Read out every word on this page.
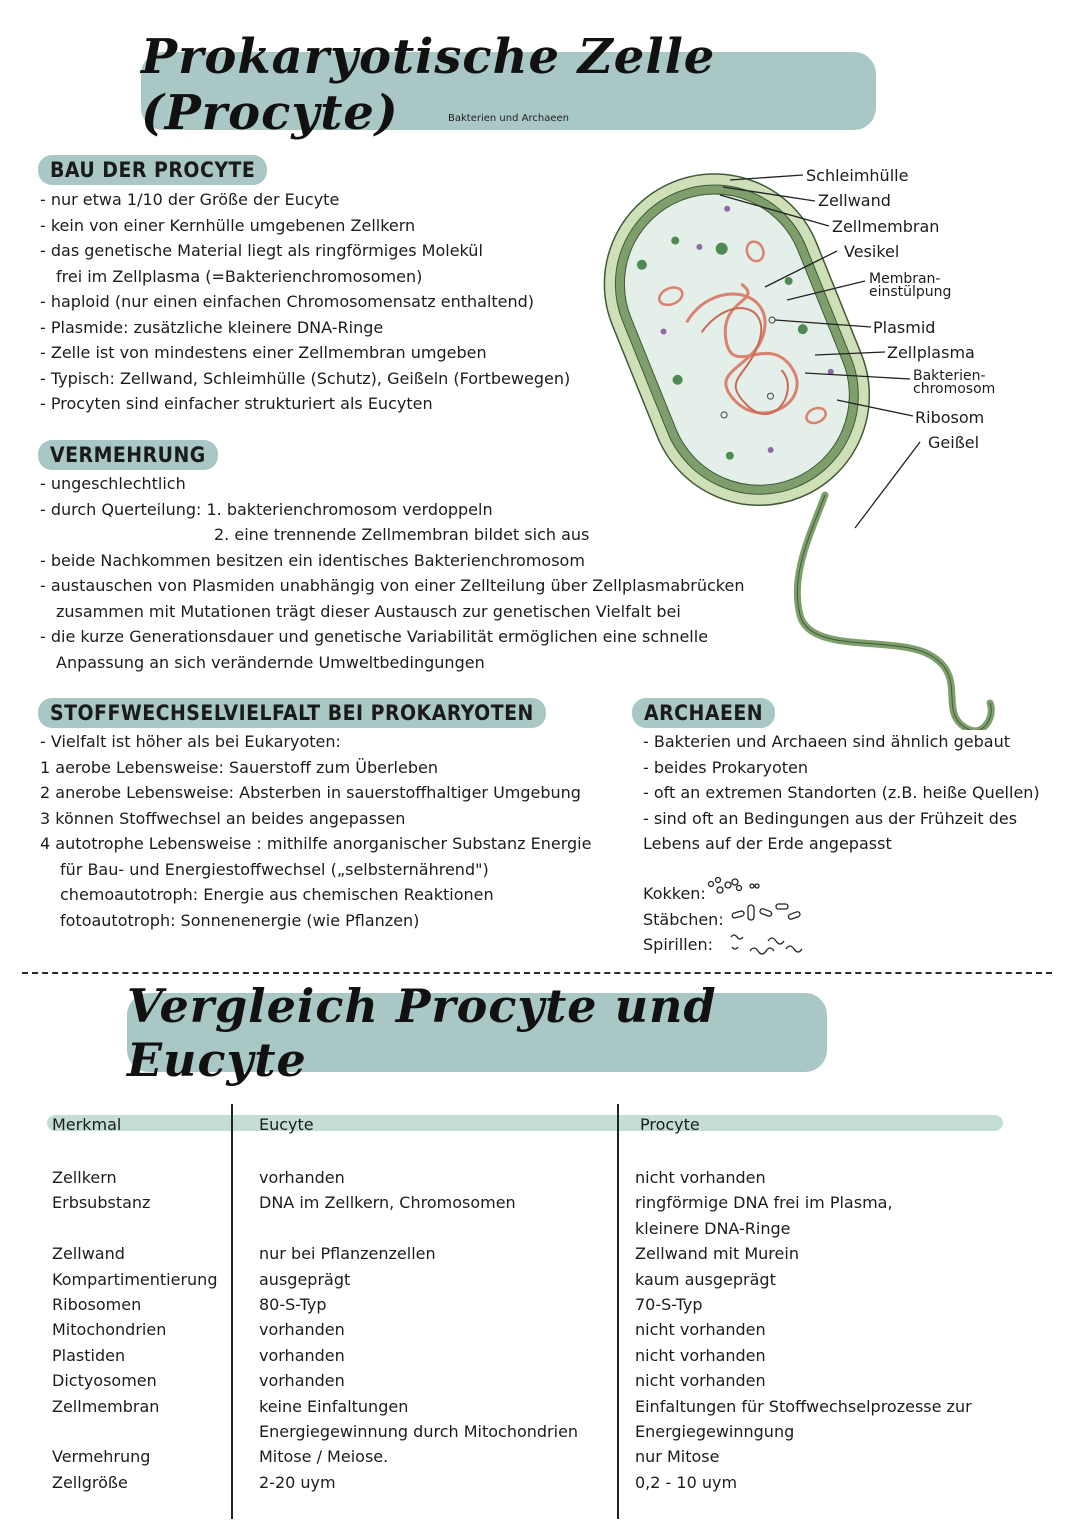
Prokaryotische Zelle (Procyte)	Bakterien und Archaeen
BAU DER PROCYTE
- nur etwa 1/10 der Größe der Eucyte
- kein von einer Kernhülle umgebenen Zellkern
- das genetische Material liegt als ringförmiges Molekül
frei im Zellplasma (=Bakterienchromosomen)
- haploid (nur einen einfachen Chromosomensatz enthaltend)
- Plasmide: zusätzliche kleinere DNA-Ringe
- Zelle ist von mindestens einer Zellmembran umgeben
- Typisch: Zellwand, Schleimhülle (Schutz), Geißeln (Fortbewegen)
- Procyten sind einfacher strukturiert als Eucyten
VERMEHRUNG
- ungeschlechtlich
- durch Querteilung: 1. bakterienchromosom verdoppeln
2. eine trennende Zellmembran bildet sich aus
- beide Nachkommen besitzen ein identisches Bakterienchromosom
- austauschen von Plasmiden unabhängig von einer Zellteilung über Zellplasmabrücken
zusammen mit Mutationen trägt dieser Austausch zur genetischen Vielfalt bei
- die kurze Generationsdauer und genetische Variabilität ermöglichen eine schnelle
Anpassung an sich verändernde Umweltbedingungen
Schleimhülle
Zellwand
Zellmembran
Vesikel
Membran-
einstülpung
Plasmid
Zellplasma
Bakterien-
chromosom
Ribosom
Geißel
STOFFWECHSELVIELFALT BEI PROKARYOTEN
- Vielfalt ist höher als bei Eukaryoten:
1 aerobe Lebensweise: Sauerstoff zum Überleben
2 anerobe Lebensweise: Absterben in sauerstoffhaltiger Umgebung
3 können Stoffwechsel an beides angepassen
4 autotrophe Lebensweise : mithilfe anorganischer Substanz Energie
für Bau- und Energiestoffwechsel („selbsternährend")
chemoautotroph: Energie aus chemischen Reaktionen
fotoautotroph: Sonnenenergie (wie Pflanzen)
ARCHAEEN
- Bakterien und Archaeen sind ähnlich gebaut
- beides Prokaryoten
- oft an extremen Standorten (z.B. heiße Quellen)
- sind oft an Bedingungen aus der Frühzeit des
Lebens auf der Erde angepasst
Kokken:
Stäbchen:
Spirillen:
Vergleich Procyte und Eucyte
Merkmal
Zellkern
Erbsubstanz
Zellwand
Kompartimentierung
Ribosomen
Mitochondrien
Plastiden
Dictyosomen
Zellmembran
Vermehrung
Zellgröße
Eucyte
vorhanden
DNA im Zellkern, Chromosomen
nur bei Pflanzenzellen
ausgeprägt
80-S-Typ
vorhanden
vorhanden
vorhanden
keine Einfaltungen
Energiegewinnung durch Mitochondrien
Mitose / Meiose.
2-20 uym
Procyte
nicht vorhanden
ringförmige DNA frei im Plasma,
kleinere DNA-Ringe
Zellwand mit Murein
kaum ausgeprägt
70-S-Typ
nicht vorhanden
nicht vorhanden
nicht vorhanden
Einfaltungen für Stoffwechselprozesse zur
Energiegewinngung
nur Mitose
0,2 - 10 uym
